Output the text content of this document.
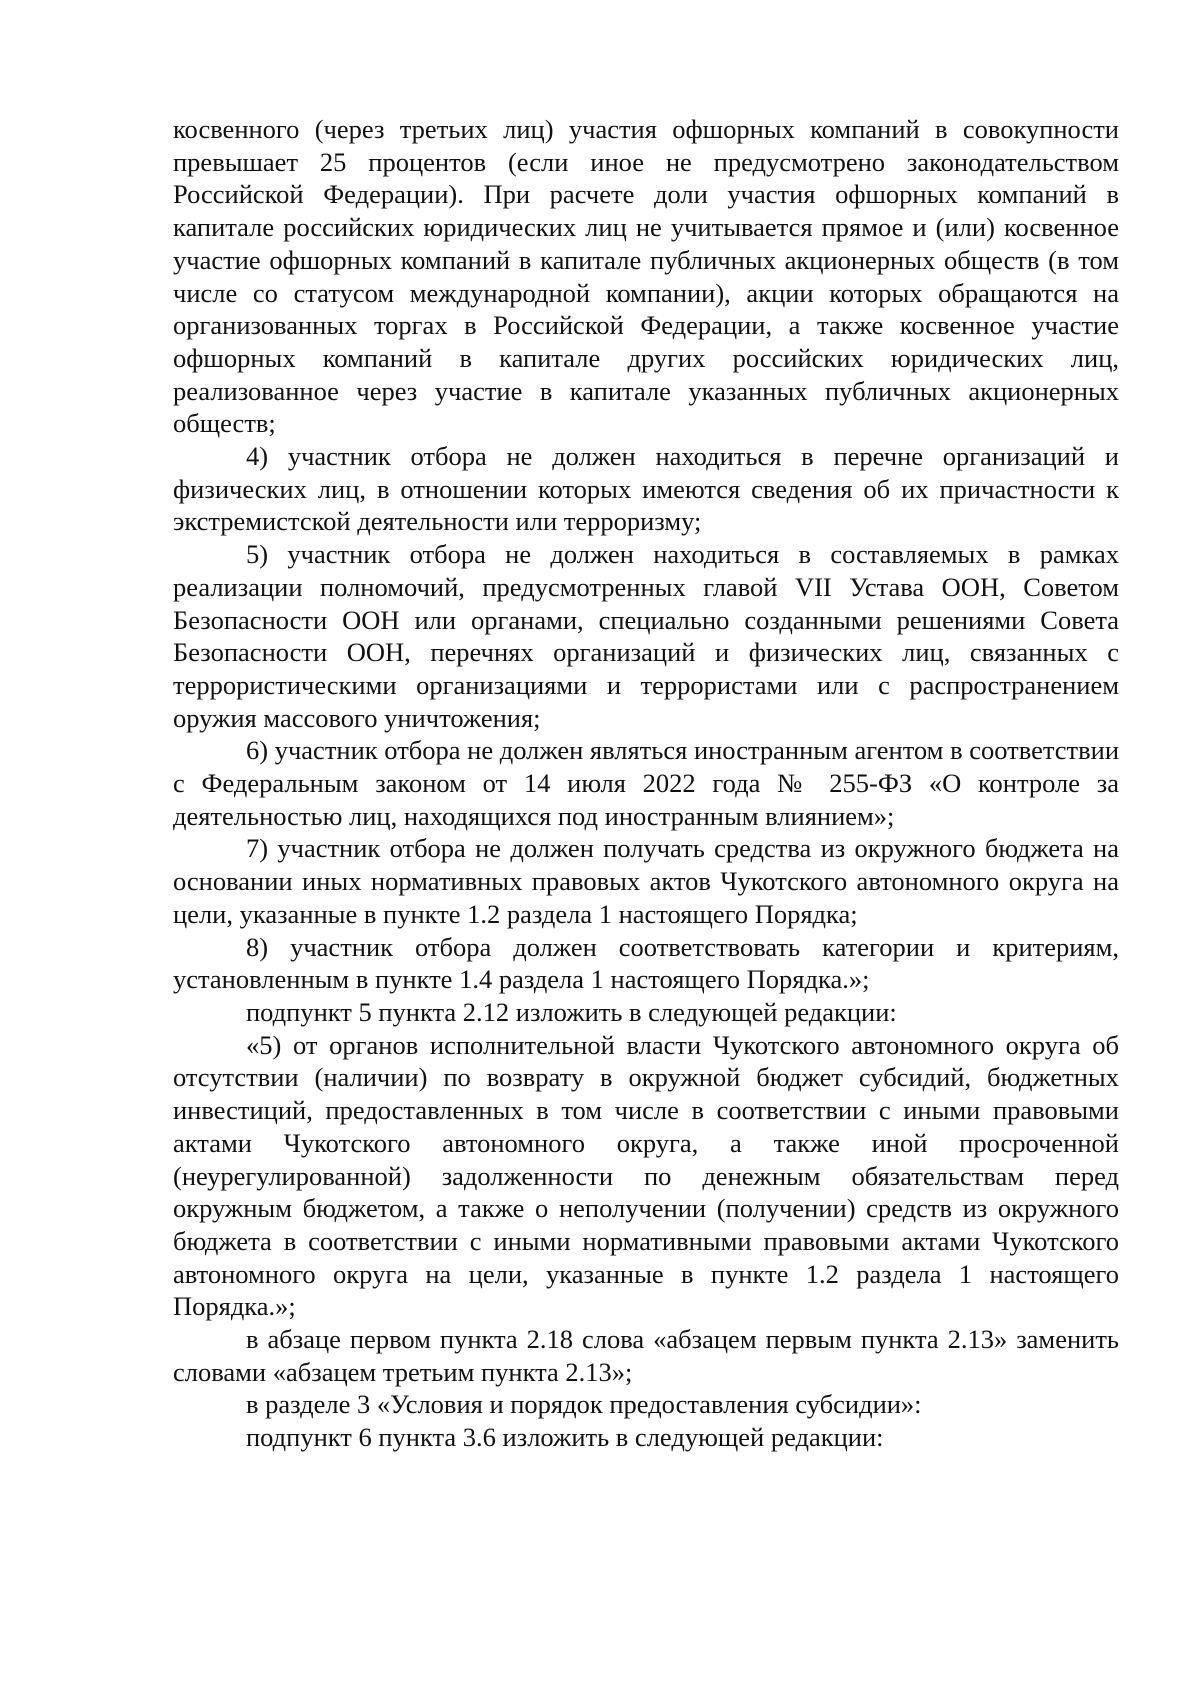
косвенного (через третьих лиц) участия офшорных компаний в совокупности превышает 25 процентов (если иное не предусмотрено законодательством Российской Федерации). При расчете доли участия офшорных компаний в капитале российских юридических лиц не учитывается прямое и (или) косвенное участие офшорных компаний в капитале публичных акционерных обществ (в том числе со статусом международной компании), акции которых обращаются на организованных торгах в Российской Федерации, а также косвенное участие офшорных компаний в капитале других российских юридических лиц, реализованное через участие в капитале указанных публичных акционерных обществ;

4) участник отбора не должен находиться в перечне организаций и физических лиц, в отношении которых имеются сведения об их причастности к экстремистской деятельности или терроризму;

5) участник отбора не должен находиться в составляемых в рамках реализации полномочий, предусмотренных главой VII Устава ООН, Советом Безопасности ООН или органами, специально созданными решениями Совета Безопасности ООН, перечнях организаций и физических лиц, связанных с террористическими организациями и террористами или с распространением оружия массового уничтожения;

6) участник отбора не должен являться иностранным агентом в соответствии с Федеральным законом от 14 июля 2022 года № 255-ФЗ «О контроле за деятельностью лиц, находящихся под иностранным влиянием»;

7) участник отбора не должен получать средства из окружного бюджета на основании иных нормативных правовых актов Чукотского автономного округа на цели, указанные в пункте 1.2 раздела 1 настоящего Порядка;

8) участник отбора должен соответствовать категории и критериям, установленным в пункте 1.4 раздела 1 настоящего Порядка.»;

подпункт 5 пункта 2.12 изложить в следующей редакции:

«5) от органов исполнительной власти Чукотского автономного округа об отсутствии (наличии) по возврату в окружной бюджет субсидий, бюджетных инвестиций, предоставленных в том числе в соответствии с иными правовыми актами Чукотского автономного округа, а также иной просроченной (неурегулированной) задолженности по денежным обязательствам перед окружным бюджетом, а также о неполучении (получении) средств из окружного бюджета в соответствии с иными нормативными правовыми актами Чукотского автономного округа на цели, указанные в пункте 1.2 раздела 1 настоящего Порядка.»;

в абзаце первом пункта 2.18 слова «абзацем первым пункта 2.13» заменить словами «абзацем третьим пункта 2.13»;

в разделе 3 «Условия и порядок предоставления субсидии»:

подпункт 6 пункта 3.6 изложить в следующей редакции:
